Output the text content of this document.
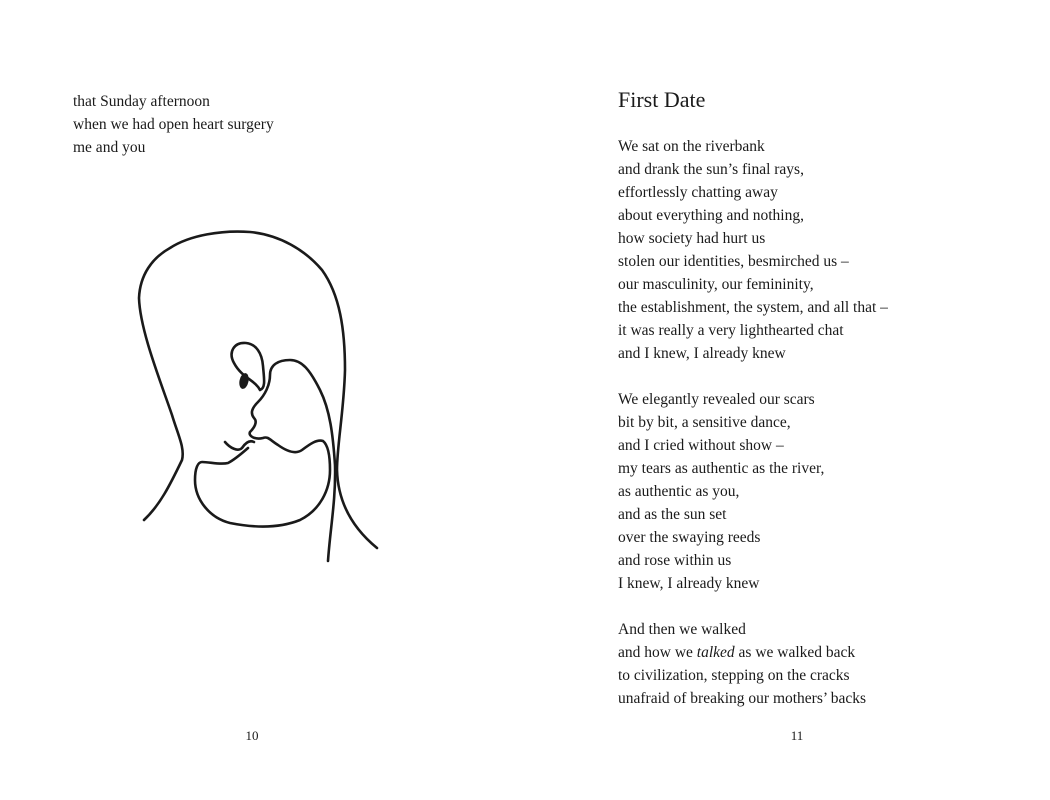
that Sunday afternoon
when we had open heart surgery
me and you
10
First Date
We sat on the riverbank
and drank the sun’s final rays,
effortlessly chatting away
about everything and nothing,
how society had hurt us
stolen our identities, besmirched us –
our masculinity, our femininity,
the establishment, the system, and all that –
it was really a very lighthearted chat
and I knew, I already knew
We elegantly revealed our scars
bit by bit, a sensitive dance,
and I cried without show –
my tears as authentic as the river,
as authentic as you,
and as the sun set
over the swaying reeds
and rose within us
I knew, I already knew
And then we walked
and how we talked as we walked back
to civilization, stepping on the cracks
unafraid of breaking our mothers’ backs
11
